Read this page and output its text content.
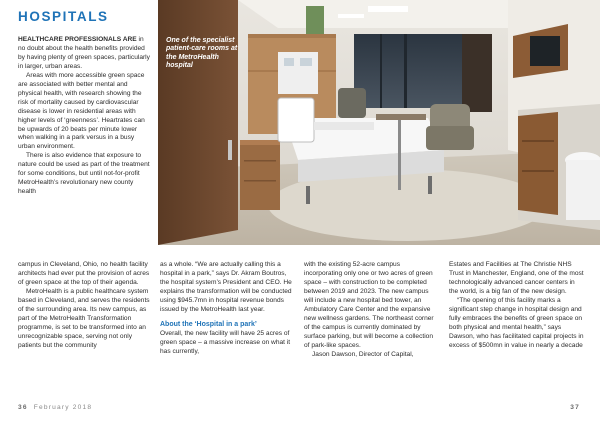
HOSPITALS

HEALTHCARE PROFESSIONALS ARE in no doubt about the health benefits provided by having plenty of green spaces, particularly in larger, urban areas.

Areas with more accessible green space are associated with better mental and physical health, with research showing the risk of mortality caused by cardiovascular disease is lower in residential areas with higher levels of ‘greenness’. Heartrates can be upwards of 20 beats per minute lower when walking in a park versus in a busy urban environment.

There is also evidence that exposure to nature could be used as part of the treatment for some conditions, but until not-for-profit MetroHealth’s revolutionary new county health

One of the specialist patient-care rooms at the MetroHealth hospital

campus in Cleveland, Ohio, no health facility architects had ever put the provision of acres of green space at the top of their agenda.

MetroHealth is a public healthcare system based in Cleveland, and serves the residents of the surrounding area. Its new campus, as part of the MetroHealth Transformation programme, is set to be transformed into an unrecognizable space, serving not only patients but the community

as a whole. “We are actually calling this a hospital in a park,” says Dr. Akram Boutros, the hospital system’s President and CEO. He explains the transformation will be conducted using $945.7mn in hospital revenue bonds issued by the MetroHealth last year.

About the ‘Hospital in a park’

Overall, the new facility will have 25 acres of green space – a massive increase on what it has currently,

with the existing 52-acre campus incorporating only one or two acres of green space – with construction to be completed between 2019 and 2023. The new campus will include a new hospital bed tower, an Ambulatory Care Center and the expansive new wellness gardens. The northeast corner of the campus is currently dominated by surface parking, but will become a collection of park-like spaces.

Jason Dawson, Director of Capital,

Estates and Facilities at The Christie NHS Trust in Manchester, England, one of the most technologically advanced cancer centers in the world, is a big fan of the new design.

“The opening of this facility marks a significant step change in hospital design and fully embraces the benefits of green space on both physical and mental health,” says Dawson, who has facilitated capital projects in excess of $500mn in value in nearly a decade

36 February 2018	37
